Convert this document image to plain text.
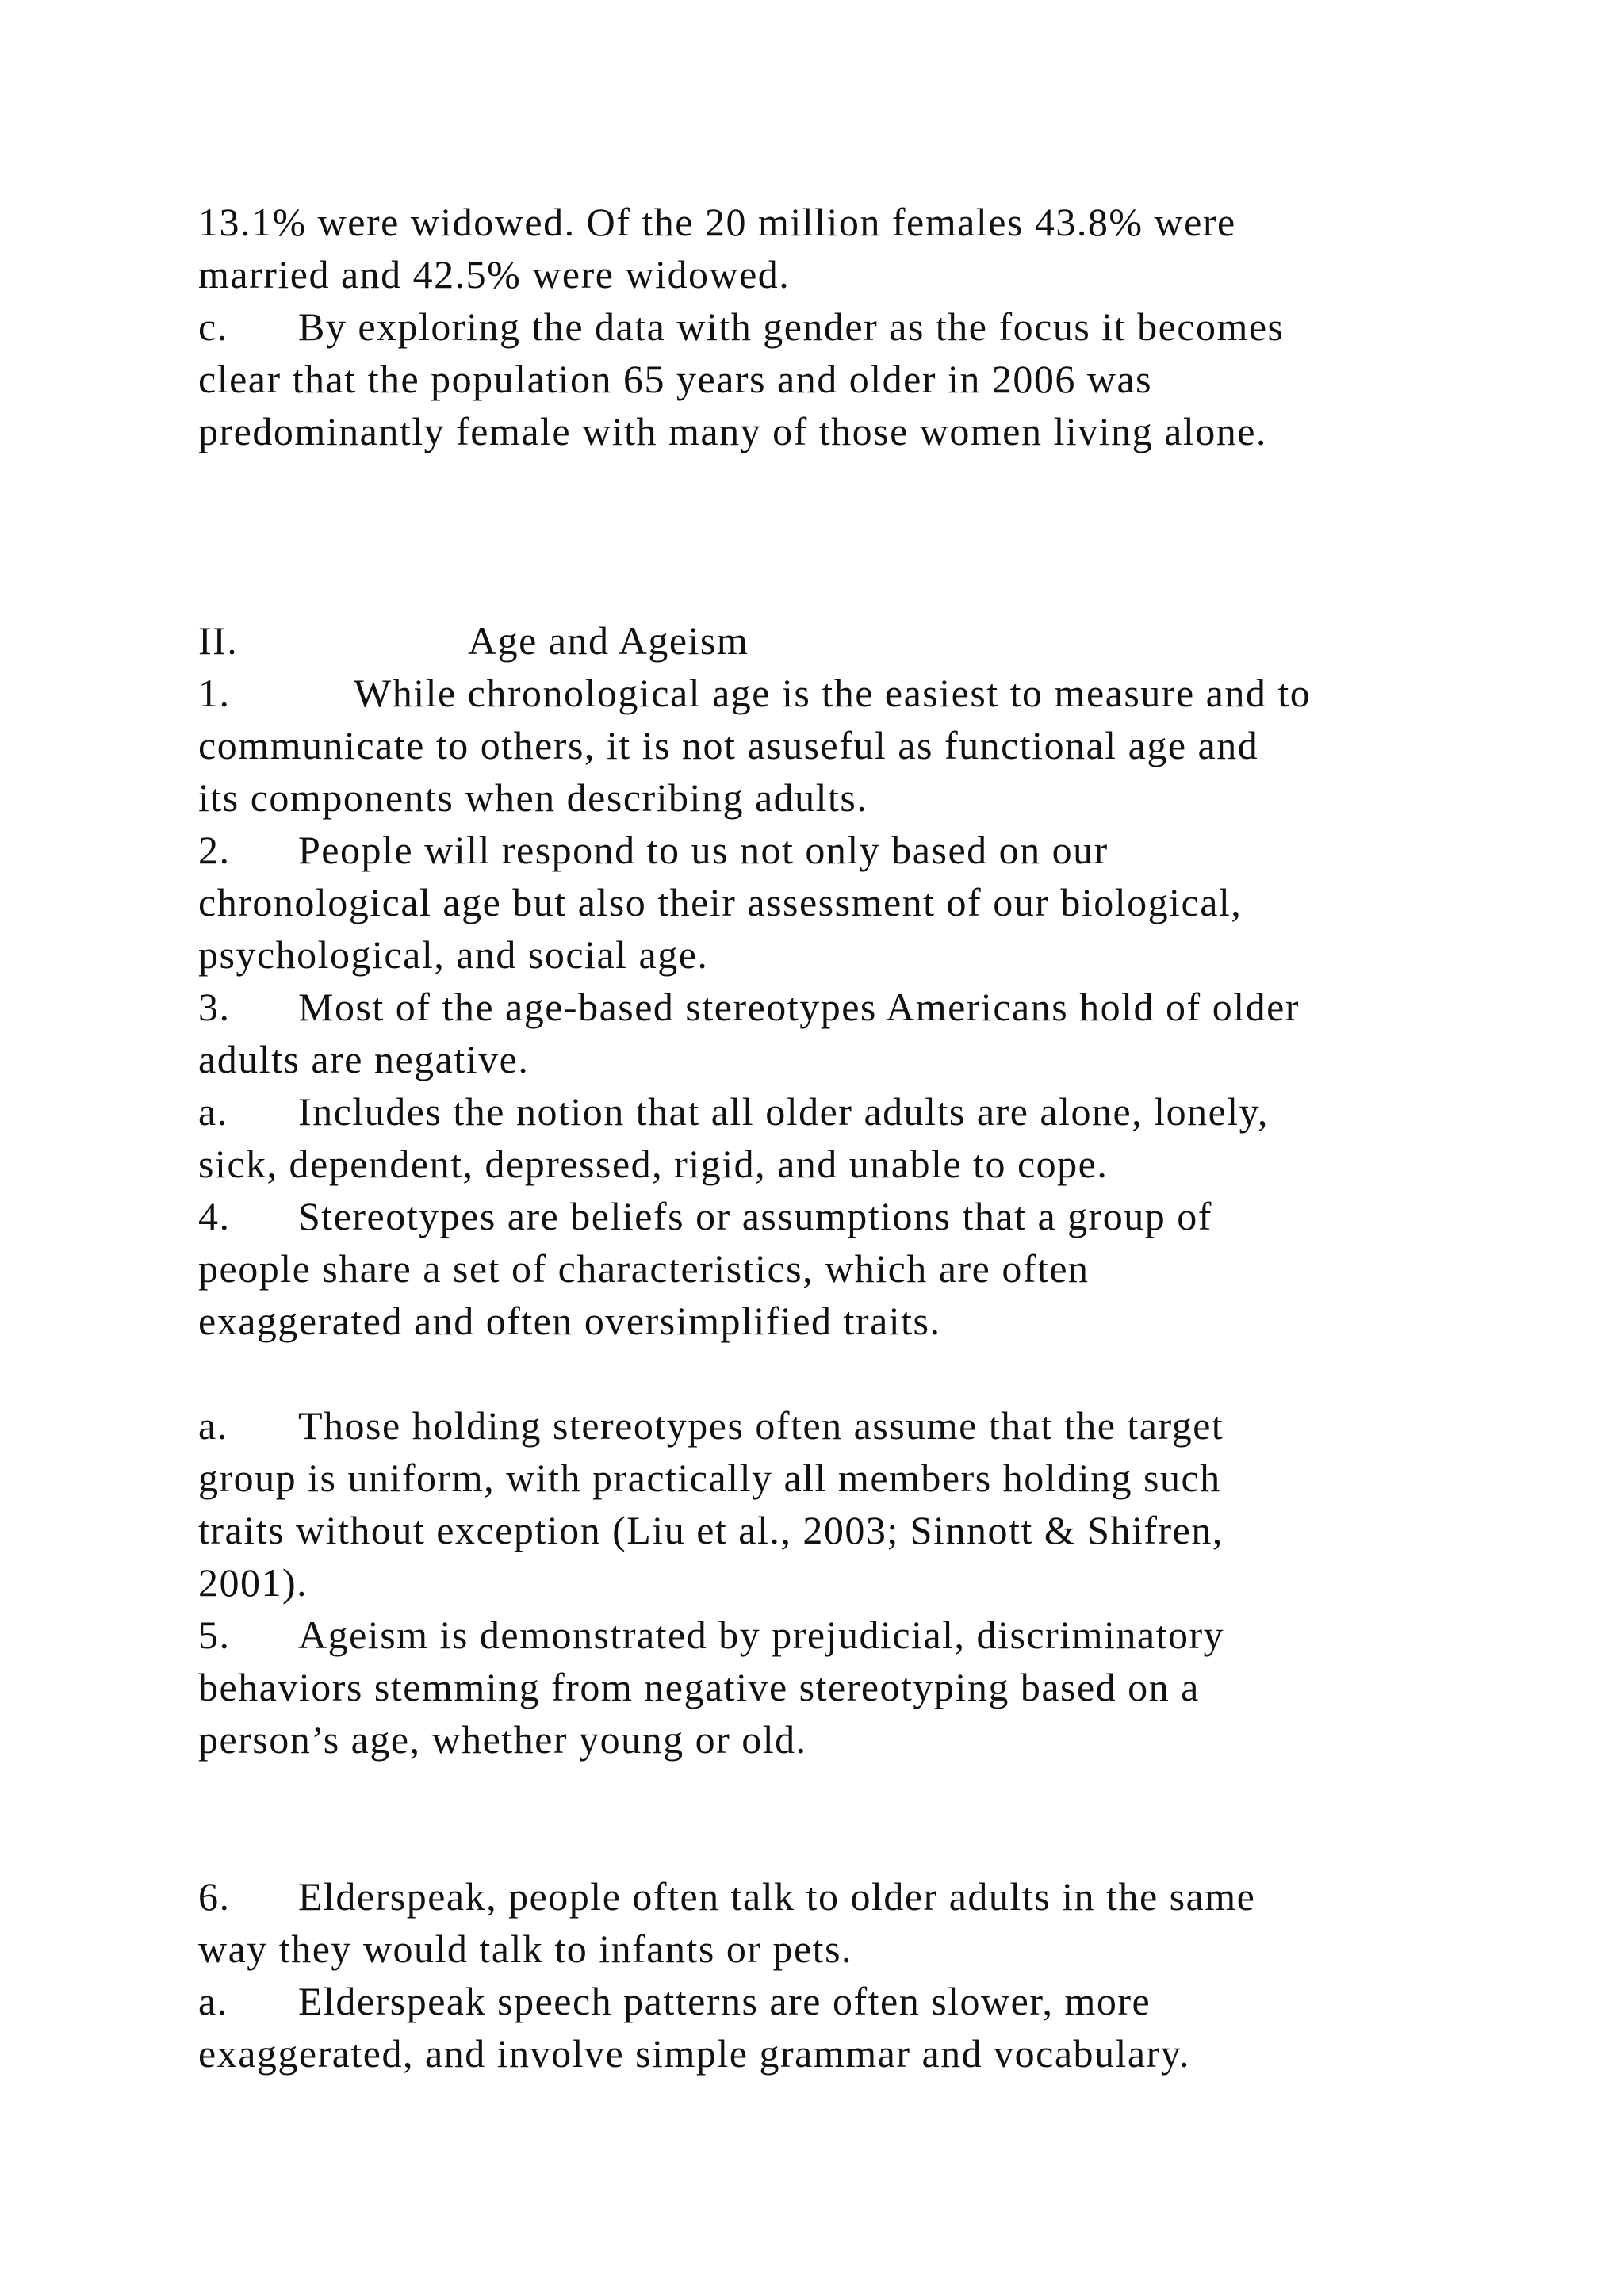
13.1% were widowed. Of the 20 million females 43.8% were
married and 42.5% were widowed.

c. By exploring the data with gender as the focus it becomes
clear that the population 65 years and older in 2006 was
predominantly female with many of those women living alone.

II.	Age and Ageism

1.	While chronological age is the easiest to measure and to
communicate to others, it is not asuseful as functional age and
its components when describing adults.

2. People will respond to us not only based on our
chronological age but also their assessment of our biological,
psychological, and social age.

3. Most of the age-based stereotypes Americans hold of older
adults are negative.

a. Includes the notion that all older adults are alone, lonely,
sick, dependent, depressed, rigid, and unable to cope.

4. Stereotypes are beliefs or assumptions that a group of
people share a set of characteristics, which are often
exaggerated and often oversimplified traits.

a. Those holding stereotypes often assume that the target
group is uniform, with practically all members holding such
traits without exception (Liu et al., 2003; Sinnott & Shifren,
2001).

5. Ageism is demonstrated by prejudicial, discriminatory
behaviors stemming from negative stereotyping based on a
person’s age, whether young or old.

6. Elderspeak, people often talk to older adults in the same
way they would talk to infants or pets.

a. Elderspeak speech patterns are often slower, more
exaggerated, and involve simple grammar and vocabulary.
